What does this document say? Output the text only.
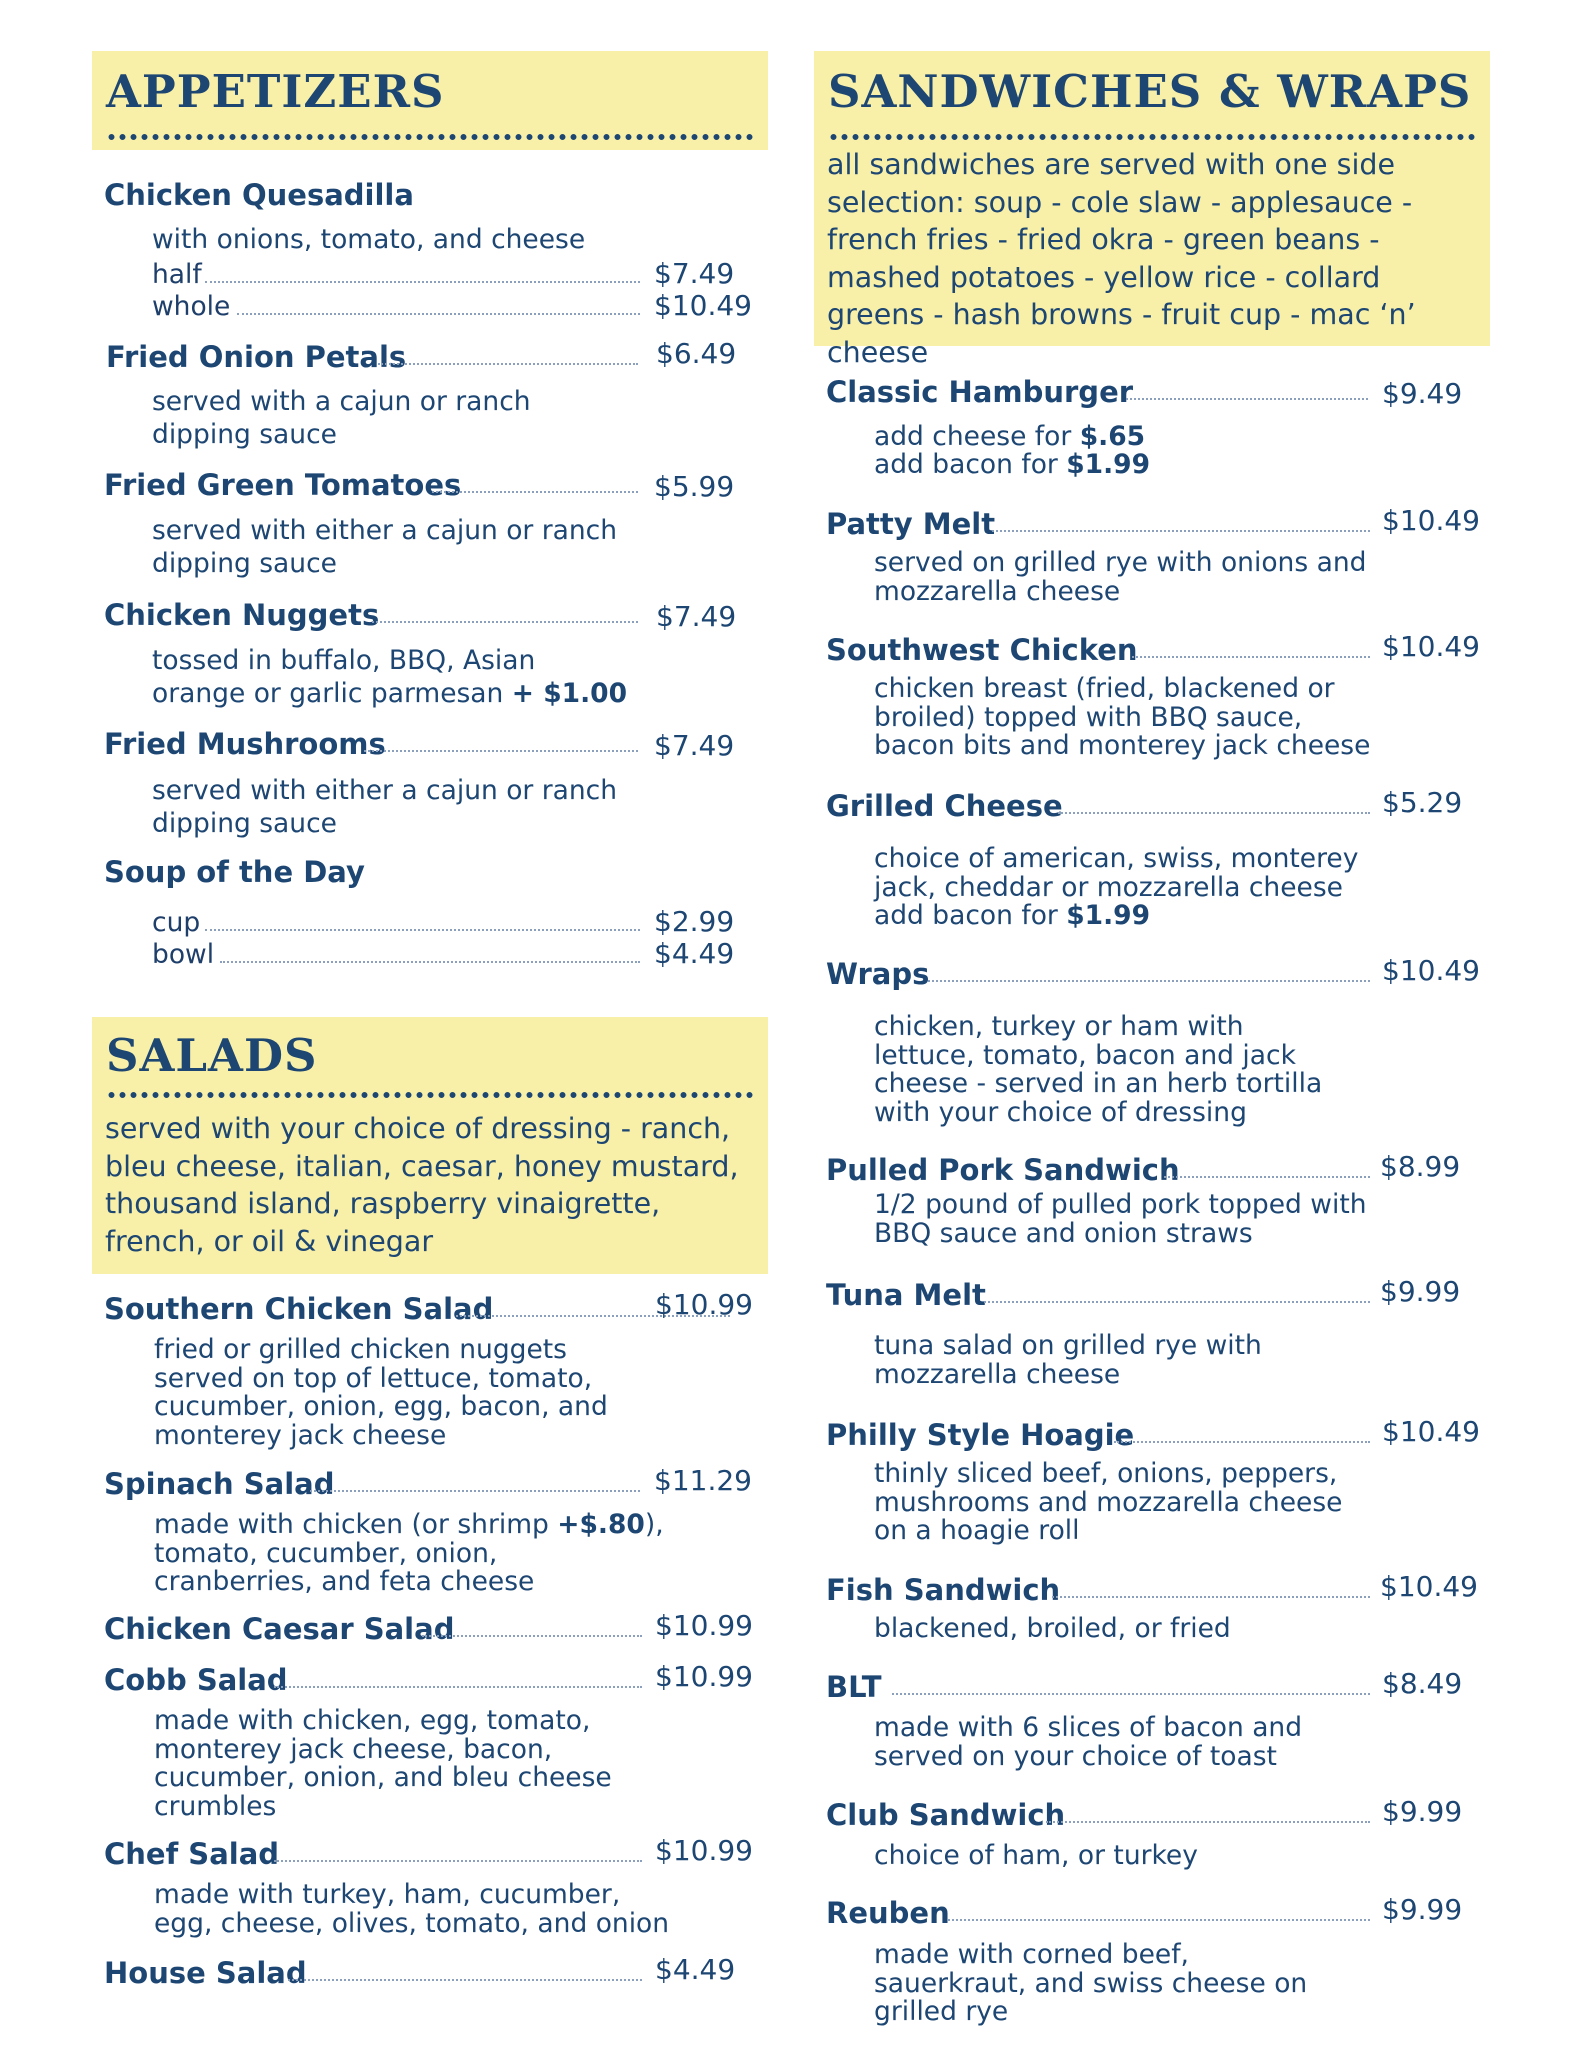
APPETIZERS
Chicken Quesadilla
with onions, tomato, and cheese
half	$7.49
whole	$10.49
Fried Onion Petals	$6.49
served with a cajun or ranch dipping sauce
Fried Green Tomatoes	$5.99
served with either a cajun or ranch dipping sauce
Chicken Nuggets	$7.49
tossed in buffalo, BBQ, Asian orange or garlic parmesan + $1.00
Fried Mushrooms	$7.49
served with either a cajun or ranch dipping sauce
Soup of the Day
cup	$2.99
bowl	$4.49
SALADS
served with your choice of dressing - ranch, bleu cheese, italian, caesar, honey mustard, thousand island, raspberry vinaigrette, french, or oil & vinegar
Southern Chicken Salad	$10.99
fried or grilled chicken nuggets served on top of lettuce, tomato, cucumber, onion, egg, bacon, and monterey jack cheese
Spinach Salad	$11.29
made with chicken (or shrimp +$.80), tomato, cucumber, onion, cranberries, and feta cheese
Chicken Caesar Salad	$10.99
Cobb Salad	$10.99
made with chicken, egg, tomato, monterey jack cheese, bacon, cucumber, onion, and bleu cheese crumbles
Chef Salad	$10.99
made with turkey, ham, cucumber, egg, cheese, olives, tomato, and onion
House Salad	$4.49
SANDWICHES & WRAPS
all sandwiches are served with one side selection: soup - cole slaw - applesauce - french fries - fried okra - green beans - mashed potatoes - yellow rice - collard greens - hash browns - fruit cup - mac ‘n’ cheese
Classic Hamburger	$9.49
add cheese for $.65
add bacon for $1.99
Patty Melt	$10.49
served on grilled rye with onions and mozzarella cheese
Southwest Chicken	$10.49
chicken breast (fried, blackened or broiled) topped with BBQ sauce, bacon bits and monterey jack cheese
Grilled Cheese	$5.29
choice of american, swiss, monterey jack, cheddar or mozzarella cheese
add bacon for $1.99
Wraps	$10.49
chicken, turkey or ham with lettuce, tomato, bacon and jack cheese - served in an herb tortilla with your choice of dressing
Pulled Pork Sandwich	$8.99
1/2 pound of pulled pork topped with BBQ sauce and onion straws
Tuna Melt	$9.99
tuna salad on grilled rye with mozzarella cheese
Philly Style Hoagie	$10.49
thinly sliced beef, onions, peppers, mushrooms and mozzarella cheese on a hoagie roll
Fish Sandwich	$10.49
blackened, broiled, or fried
BLT	$8.49
made with 6 slices of bacon and served on your choice of toast
Club Sandwich	$9.99
choice of ham, or turkey
Reuben	$9.99
made with corned beef, sauerkraut, and swiss cheese on grilled rye
